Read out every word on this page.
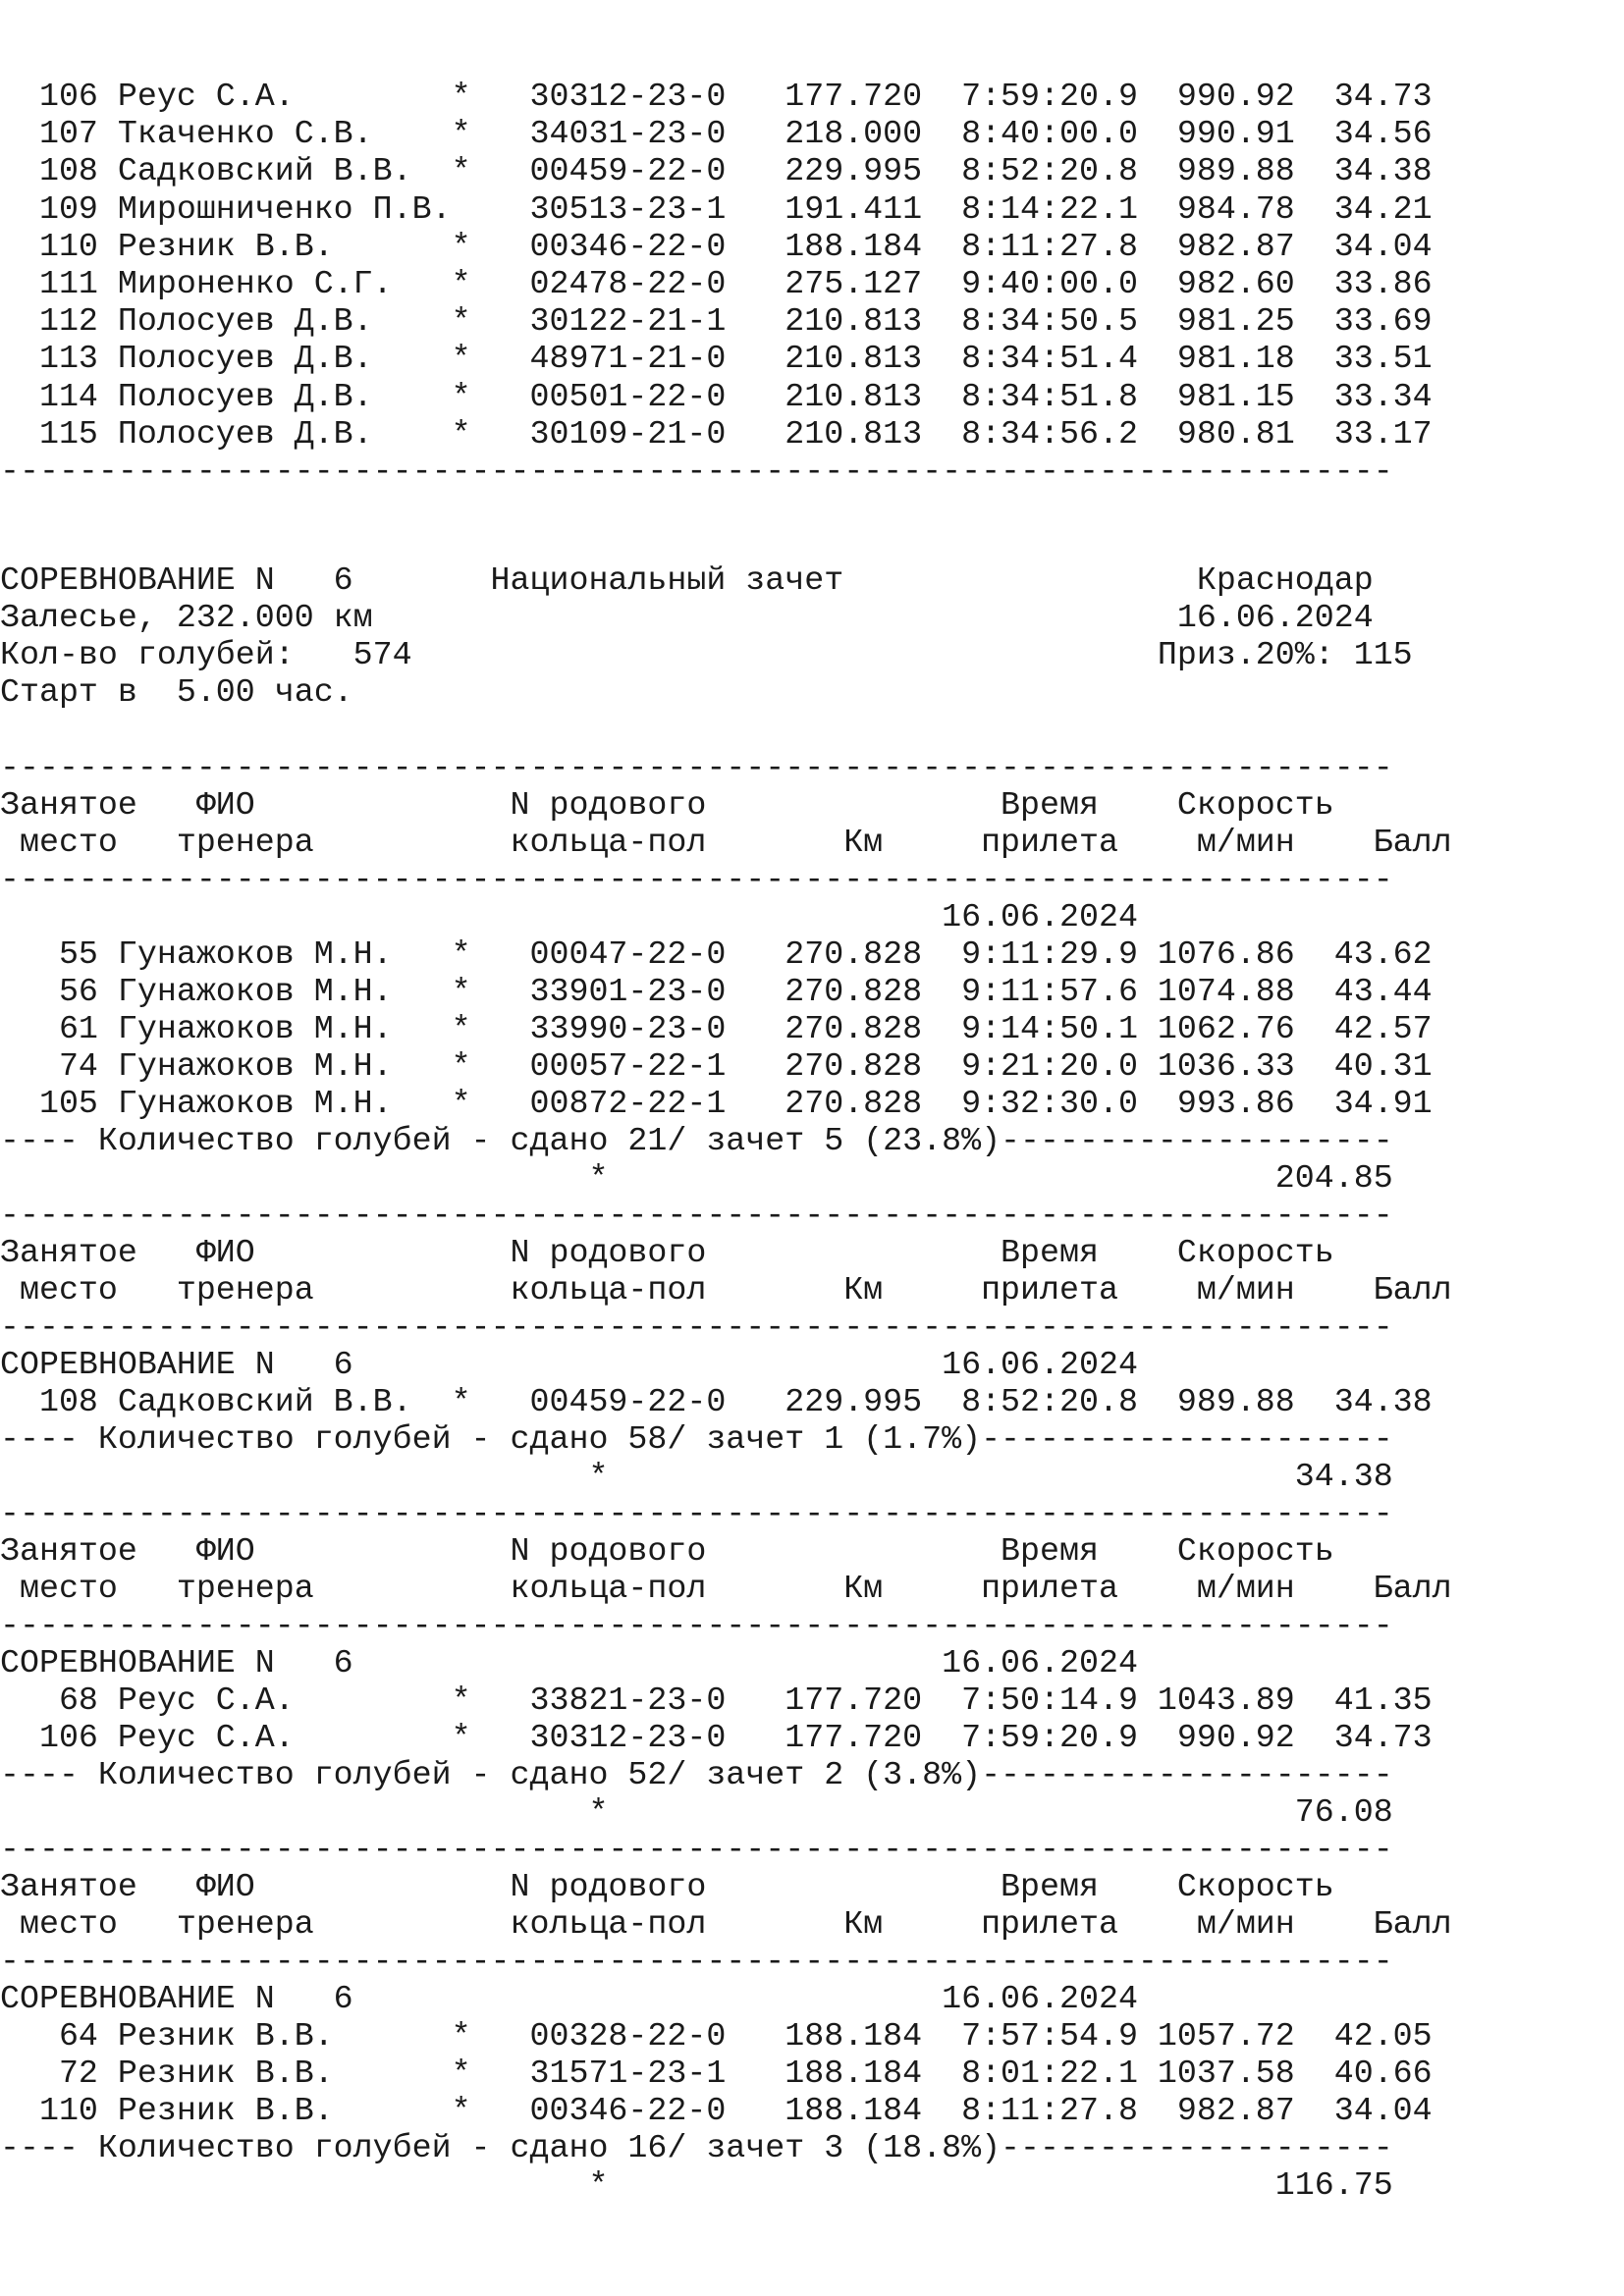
106 Реус С.А.        *   30312-23-0   177.720  7:59:20.9  990.92  34.73
107 Ткаченко С.В.    *   34031-23-0   218.000  8:40:00.0  990.91  34.56
108 Садковский В.В.  *   00459-22-0   229.995  8:52:20.8  989.88  34.38
109 Мирошниченко П.В.    30513-23-1   191.411  8:14:22.1  984.78  34.21
110 Резник В.В.      *   00346-22-0   188.184  8:11:27.8  982.87  34.04
111 Мироненко С.Г.   *   02478-22-0   275.127  9:40:00.0  982.60  33.86
112 Полосуев Д.В.    *   30122-21-1   210.813  8:34:50.5  981.25  33.69
113 Полосуев Д.В.    *   48971-21-0   210.813  8:34:51.4  981.18  33.51
114 Полосуев Д.В.    *   00501-22-0   210.813  8:34:51.8  981.15  33.34
115 Полосуев Д.В.    *   30109-21-0   210.813  8:34:56.2  980.81  33.17
-----------------------------------------------------------------------
СОРЕВНОВАНИЕ N   6       Национальный зачет                  Краснодар
Залесье, 232.000 км                                         16.06.2024
Кол-во голубей:   574                                      Приз.20%: 115
Старт в  5.00 час.
-----------------------------------------------------------------------
Занятое   ФИО             N родового               Время    Скорость
место   тренера          кольца-пол       Км     прилета    м/мин    Балл
-----------------------------------------------------------------------
16.06.2024
55 Гунажоков М.Н.   *   00047-22-0   270.828  9:11:29.9 1076.86  43.62
56 Гунажоков М.Н.   *   33901-23-0   270.828  9:11:57.6 1074.88  43.44
61 Гунажоков М.Н.   *   33990-23-0   270.828  9:14:50.1 1062.76  42.57
74 Гунажоков М.Н.   *   00057-22-1   270.828  9:21:20.0 1036.33  40.31
105 Гунажоков М.Н.   *   00872-22-1   270.828  9:32:30.0  993.86  34.91
---- Количество голубей - сдано 21/ зачет 5 (23.8%)--------------------
*                                  204.85
-----------------------------------------------------------------------
Занятое   ФИО             N родового               Время    Скорость
место   тренера          кольца-пол       Км     прилета    м/мин    Балл
-----------------------------------------------------------------------
СОРЕВНОВАНИЕ N   6                              16.06.2024
108 Садковский В.В.  *   00459-22-0   229.995  8:52:20.8  989.88  34.38
---- Количество голубей - сдано 58/ зачет 1 (1.7%)---------------------
*                                   34.38
-----------------------------------------------------------------------
Занятое   ФИО             N родового               Время    Скорость
место   тренера          кольца-пол       Км     прилета    м/мин    Балл
-----------------------------------------------------------------------
СОРЕВНОВАНИЕ N   6                              16.06.2024
68 Реус С.А.        *   33821-23-0   177.720  7:50:14.9 1043.89  41.35
106 Реус С.А.        *   30312-23-0   177.720  7:59:20.9  990.92  34.73
---- Количество голубей - сдано 52/ зачет 2 (3.8%)---------------------
*                                   76.08
-----------------------------------------------------------------------
Занятое   ФИО             N родового               Время    Скорость
место   тренера          кольца-пол       Км     прилета    м/мин    Балл
-----------------------------------------------------------------------
СОРЕВНОВАНИЕ N   6                              16.06.2024
64 Резник В.В.      *   00328-22-0   188.184  7:57:54.9 1057.72  42.05
72 Резник В.В.      *   31571-23-1   188.184  8:01:22.1 1037.58  40.66
110 Резник В.В.      *   00346-22-0   188.184  8:11:27.8  982.87  34.04
---- Количество голубей - сдано 16/ зачет 3 (18.8%)--------------------
*                                  116.75
